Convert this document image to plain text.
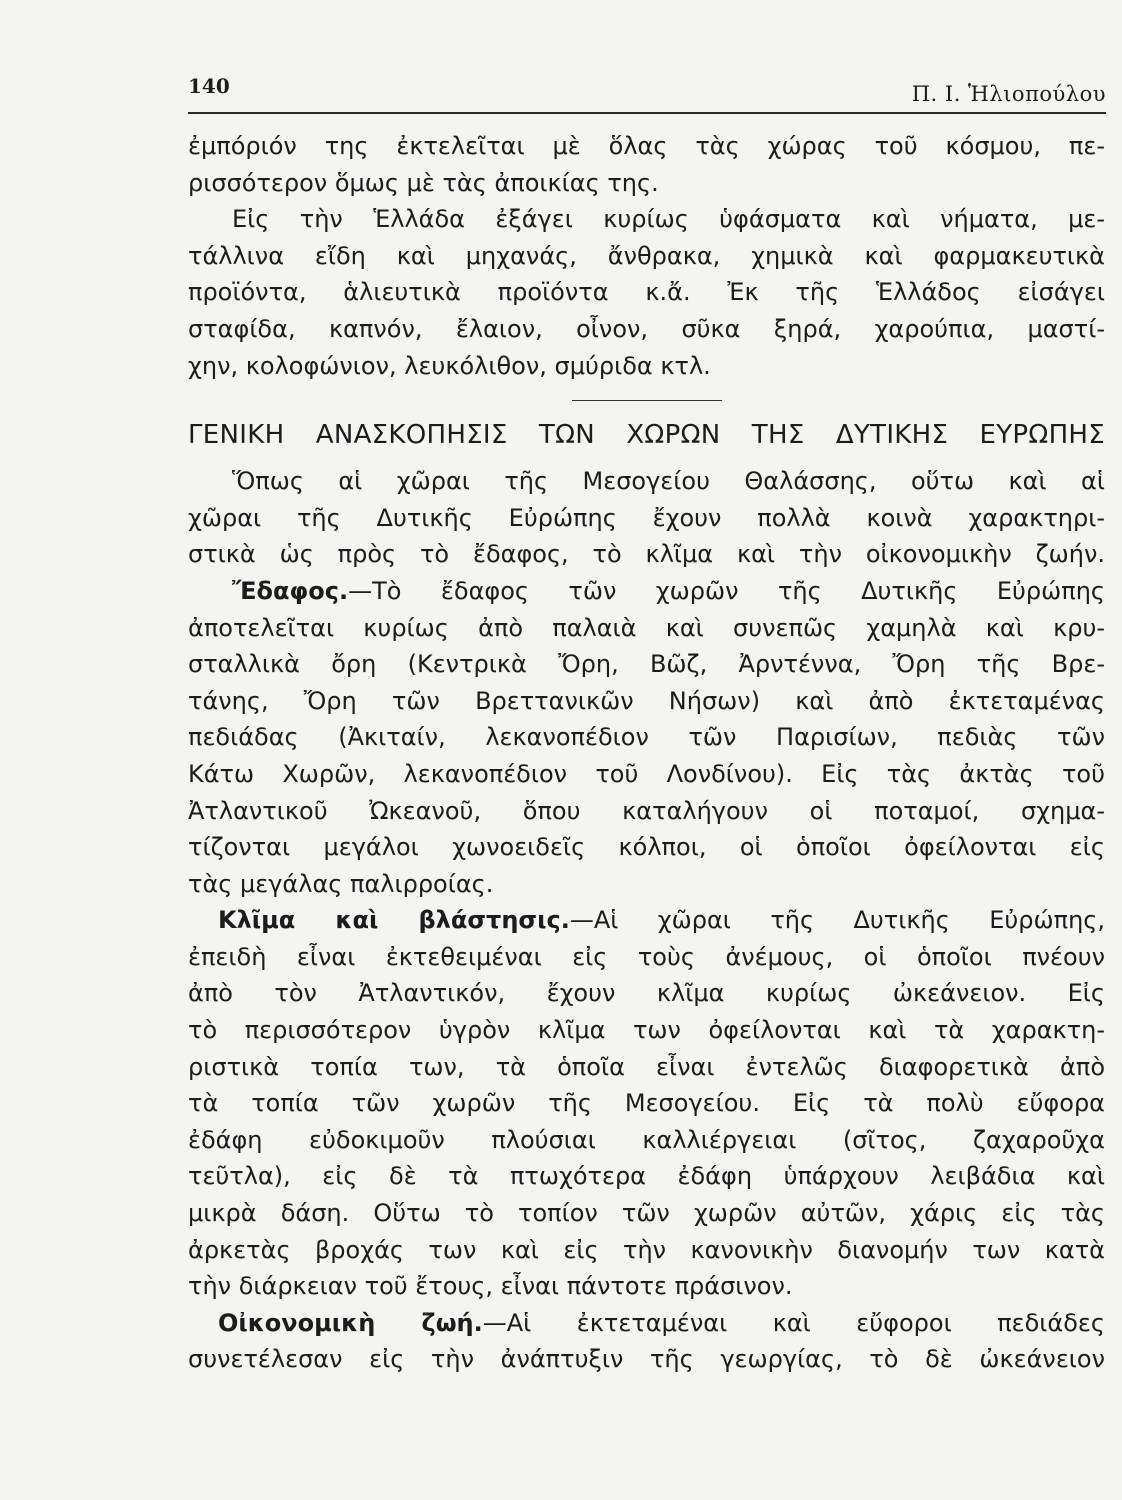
140	Π. Ι. Ἡλιοπούλου
ἐμπόριόν της ἐκτελεῖται μὲ ὅλας τὰς χώρας τοῦ κόσμου, πε-
ρισσότερον ὅμως μὲ τὰς ἀποικίας της.
Εἰς τὴν Ἑλλάδα ἐξάγει κυρίως ὑφάσματα καὶ νήματα, με-
τάλλινα εἴδη καὶ μηχανάς, ἄνθρακα, χημικὰ καὶ φαρμακευτικὰ
προϊόντα, ἁλιευτικὰ προϊόντα κ.ἄ. Ἐκ τῆς Ἑλλάδος εἰσάγει
σταφίδα, καπνόν, ἔλαιον, οἶνον, σῦκα ξηρά, χαρούπια, μαστί-
χην, κολοφώνιον, λευκόλιθον, σμύριδα κτλ.
ΓΕΝΙΚΗ ΑΝΑΣΚΟΠΗΣΙΣ ΤΩΝ ΧΩΡΩΝ ΤΗΣ ΔΥΤΙΚΗΣ ΕΥΡΩΠΗΣ
Ὅπως αἱ χῶραι τῆς Μεσογείου Θαλάσσης, οὕτω καὶ αἱ
χῶραι τῆς Δυτικῆς Εὐρώπης ἔχουν πολλὰ κοινὰ χαρακτηρι-
στικὰ ὡς πρὸς τὸ ἔδαφος, τὸ κλῖμα καὶ τὴν οἰκονομικὴν ζωήν.
Ἔδαφος.—Τὸ ἔδαφος τῶν χωρῶν τῆς Δυτικῆς Εὐρώπης
ἀποτελεῖται κυρίως ἀπὸ παλαιὰ καὶ συνεπῶς χαμηλὰ καὶ κρυ-
σταλλικὰ ὄρη (Κεντρικὰ Ὄρη, Βῶζ, Ἀρντέννα, Ὄρη τῆς Βρε-
τάνης, Ὄρη τῶν Βρεττανικῶν Νήσων) καὶ ἀπὸ ἐκτεταμένας
πεδιάδας (Ἀκιταίν, λεκανοπέδιον τῶν Παρισίων, πεδιὰς τῶν
Κάτω Χωρῶν, λεκανοπέδιον τοῦ Λονδίνου). Εἰς τὰς ἀκτὰς τοῦ
Ἀτλαντικοῦ Ὠκεανοῦ, ὅπου καταλήγουν οἱ ποταμοί, σχημα-
τίζονται μεγάλοι χωνοειδεῖς κόλποι, οἱ ὁποῖοι ὀφείλονται εἰς
τὰς μεγάλας παλιρροίας.
Κλῖμα καὶ βλάστησις.—Αἱ χῶραι τῆς Δυτικῆς Εὐρώπης,
ἐπειδὴ εἶναι ἐκτεθειμέναι εἰς τοὺς ἀνέμους, οἱ ὁποῖοι πνέουν
ἀπὸ τὸν Ἀτλαντικόν, ἔχουν κλῖμα κυρίως ὠκεάνειον. Εἰς
τὸ περισσότερον ὑγρὸν κλῖμα των ὀφείλονται καὶ τὰ χαρακτη-
ριστικὰ τοπία των, τὰ ὁποῖα εἶναι ἐντελῶς διαφορετικὰ ἀπὸ
τὰ τοπία τῶν χωρῶν τῆς Μεσογείου. Εἰς τὰ πολὺ εὔφορα
ἐδάφη εὐδοκιμοῦν πλούσιαι καλλιέργειαι (σῖτος, ζαχαροῦχα
τεῦτλα), εἰς δὲ τὰ πτωχότερα ἐδάφη ὑπάρχουν λειβάδια καὶ
μικρὰ δάση. Οὕτω τὸ τοπίον τῶν χωρῶν αὐτῶν, χάρις εἰς τὰς
ἀρκετὰς βροχάς των καὶ εἰς τὴν κανονικὴν διανομήν των κατὰ
τὴν διάρκειαν τοῦ ἔτους, εἶναι πάντοτε πράσινον.
Οἰκονομικὴ ζωή.—Αἱ ἐκτεταμέναι καὶ εὔφοροι πεδιάδες
συνετέλεσαν εἰς τὴν ἀνάπτυξιν τῆς γεωργίας, τὸ δὲ ὠκεάνειον
